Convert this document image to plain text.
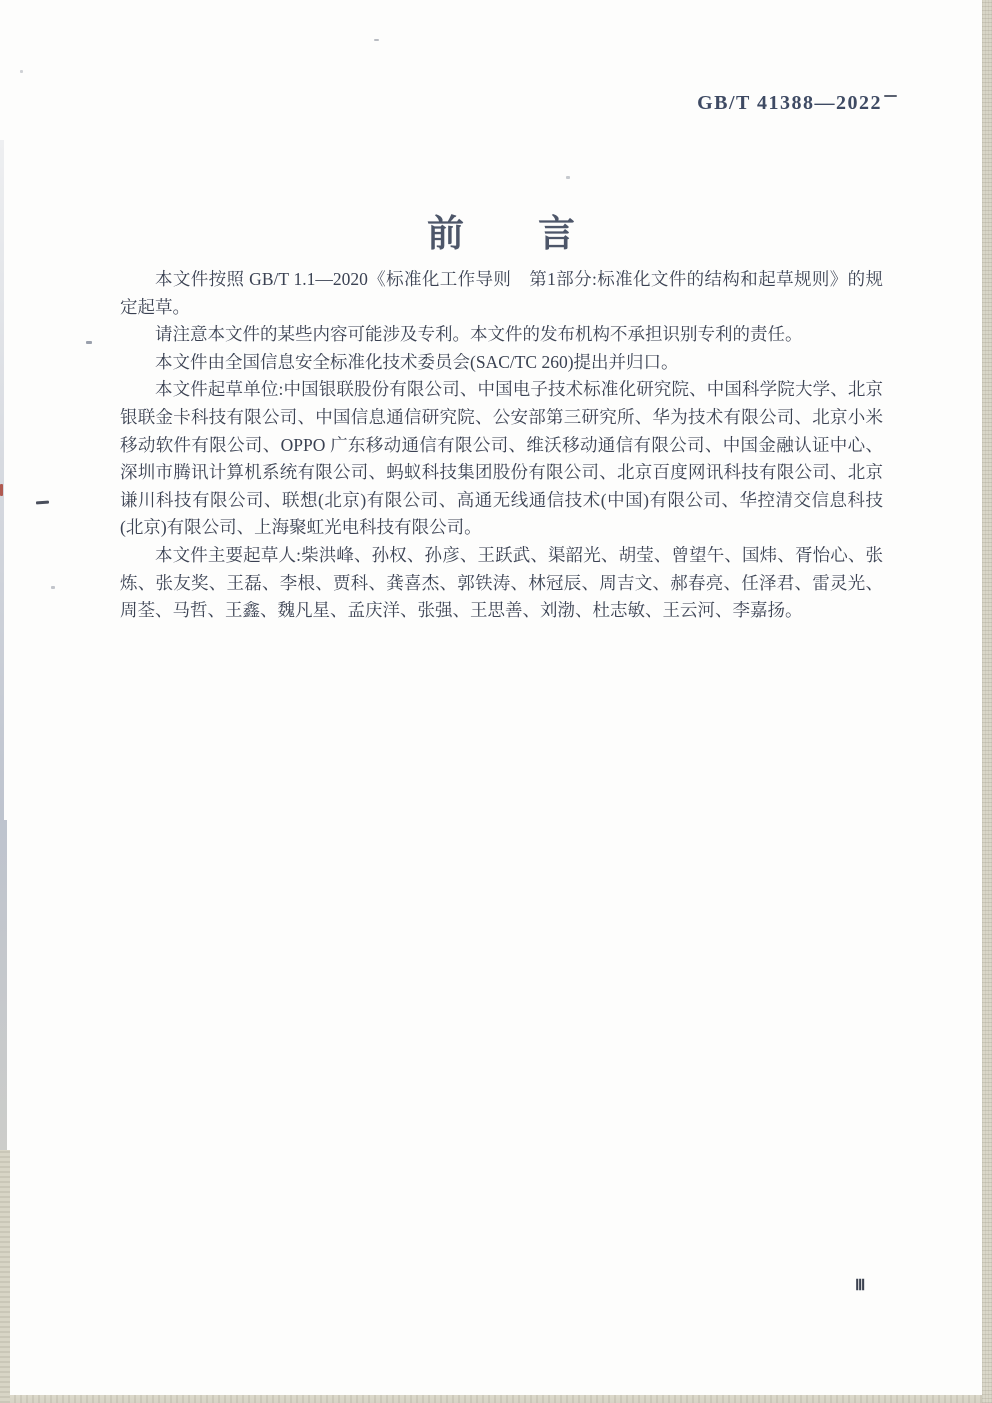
GB/T 41388—2022
前　　言

本文件按照 GB/T 1.1—2020《标准化工作导则　第1部分:标准化文件的结构和起草规则》的规定起草。

请注意本文件的某些内容可能涉及专利。本文件的发布机构不承担识别专利的责任。

本文件由全国信息安全标准化技术委员会(SAC/TC 260)提出并归口。

本文件起草单位:中国银联股份有限公司、中国电子技术标准化研究院、中国科学院大学、北京银联金卡科技有限公司、中国信息通信研究院、公安部第三研究所、华为技术有限公司、北京小米移动软件有限公司、OPPO 广东移动通信有限公司、维沃移动通信有限公司、中国金融认证中心、深圳市腾讯计算机系统有限公司、蚂蚁科技集团股份有限公司、北京百度网讯科技有限公司、北京谦川科技有限公司、联想(北京)有限公司、高通无线通信技术(中国)有限公司、华控清交信息科技(北京)有限公司、上海聚虹光电科技有限公司。

本文件主要起草人:柴洪峰、孙权、孙彦、王跃武、渠韶光、胡莹、曾望午、国炜、胥怡心、张炼、张友奖、王磊、李根、贾科、龚喜杰、郭铁涛、林冠辰、周吉文、郝春亮、任泽君、雷灵光、周荃、马哲、王鑫、魏凡星、孟庆洋、张强、王思善、刘渤、杜志敏、王云河、李嘉扬。

Ⅲ
